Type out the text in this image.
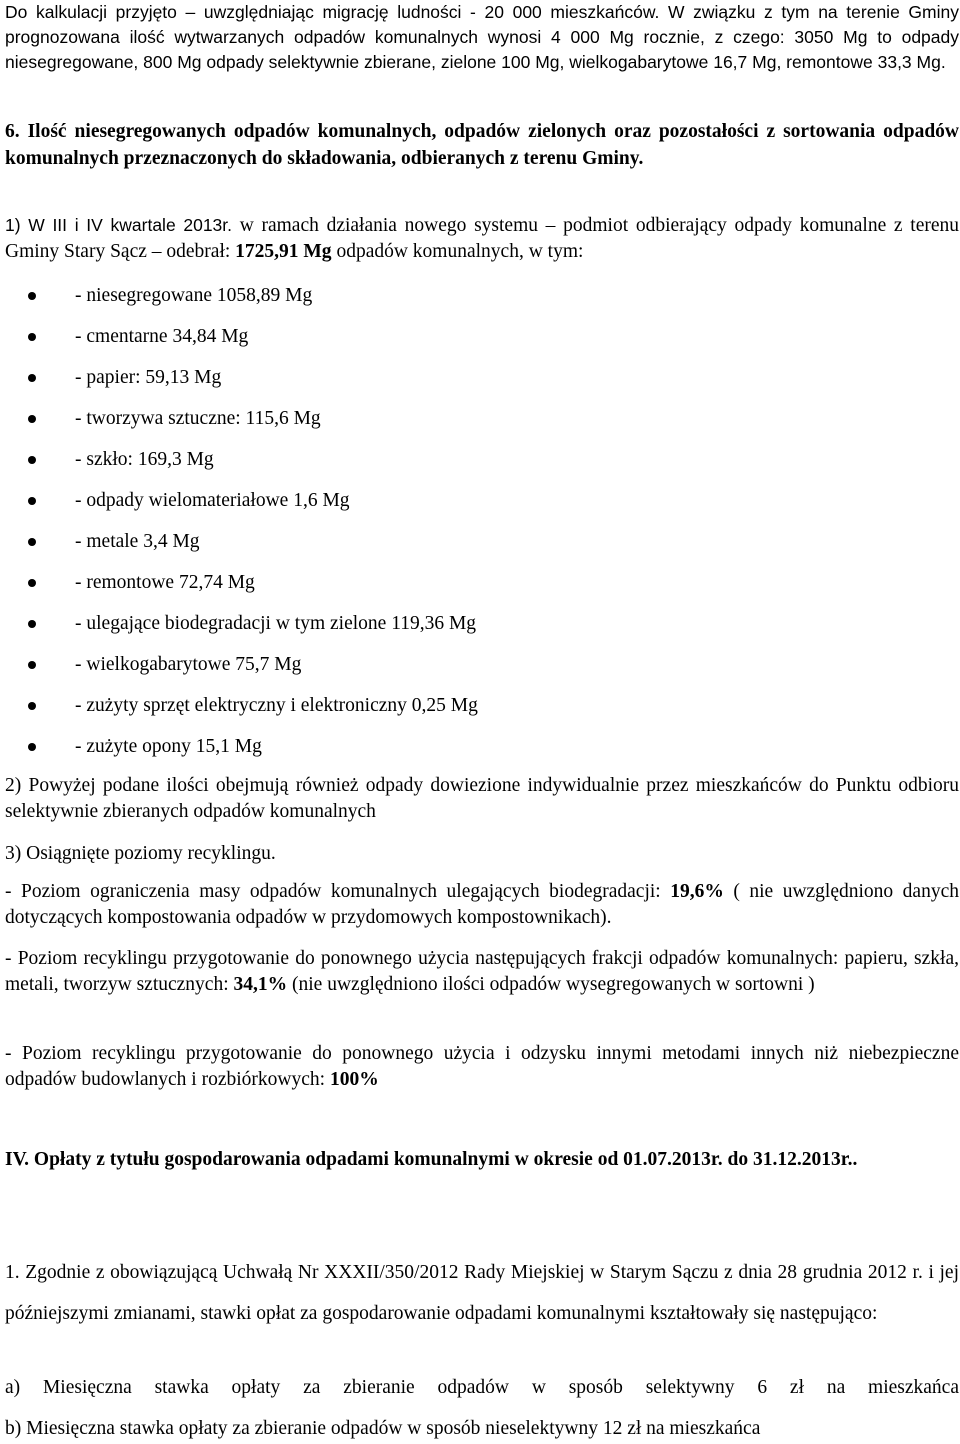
Do kalkulacji przyjęto – uwzględniając migrację ludności - 20 000 mieszkańców. W związku z tym na terenie Gminy prognozowana ilość wytwarzanych odpadów komunalnych wynosi 4 000 Mg rocznie, z czego: 3050 Mg to odpady niesegregowane, 800 Mg odpady selektywnie zbierane, zielone 100 Mg, wielkogabarytowe 16,7 Mg, remontowe 33,3 Mg.

6. Ilość niesegregowanych odpadów komunalnych, odpadów zielonych oraz pozostałości z sortowania odpadów komunalnych przeznaczonych do składowania, odbieranych z terenu Gminy.

1) W III i IV kwartale 2013r. w ramach działania nowego systemu – podmiot odbierający odpady komunalne z terenu Gminy Stary Sącz – odebrał: 1725,91 Mg odpadów komunalnych, w tym:

- niesegregowane 1058,89 Mg
- cmentarne 34,84 Mg
- papier: 59,13 Mg
- tworzywa sztuczne: 115,6 Mg
- szkło: 169,3 Mg
- odpady wielomateriałowe 1,6 Mg
- metale 3,4 Mg
- remontowe 72,74 Mg
- ulegające biodegradacji w tym zielone 119,36 Mg
- wielkogabarytowe 75,7 Mg
- zużyty sprzęt elektryczny i elektroniczny 0,25 Mg
- zużyte opony 15,1 Mg

2) Powyżej podane ilości obejmują również odpady dowiezione indywidualnie przez mieszkańców do Punktu odbioru selektywnie zbieranych odpadów komunalnych

3) Osiągnięte poziomy recyklingu.

- Poziom ograniczenia masy odpadów komunalnych ulegających biodegradacji: 19,6% ( nie uwzględniono danych dotyczących kompostowania odpadów w przydomowych kompostownikach).

- Poziom recyklingu przygotowanie do ponownego użycia następujących frakcji odpadów komunalnych: papieru, szkła, metali, tworzyw sztucznych: 34,1% (nie uwzględniono ilości odpadów wysegregowanych w sortowni )

- Poziom recyklingu przygotowanie do ponownego użycia i odzysku innymi metodami innych niż niebezpieczne odpadów budowlanych i rozbiórkowych: 100%

IV. Opłaty z tytułu gospodarowania odpadami komunalnymi w okresie od 01.07.2013r. do 31.12.2013r..

1. Zgodnie z obowiązującą Uchwałą Nr XXXII/350/2012 Rady Miejskiej w Starym Sączu z dnia 28 grudnia 2012 r. i jej późniejszymi zmianami, stawki opłat za gospodarowanie odpadami komunalnymi kształtowały się następująco:

a) Miesięczna stawka opłaty za zbieranie odpadów w sposób selektywny 6 zł na mieszkańca

b) Miesięczna stawka opłaty za zbieranie odpadów w sposób nieselektywny 12 zł na mieszkańca
